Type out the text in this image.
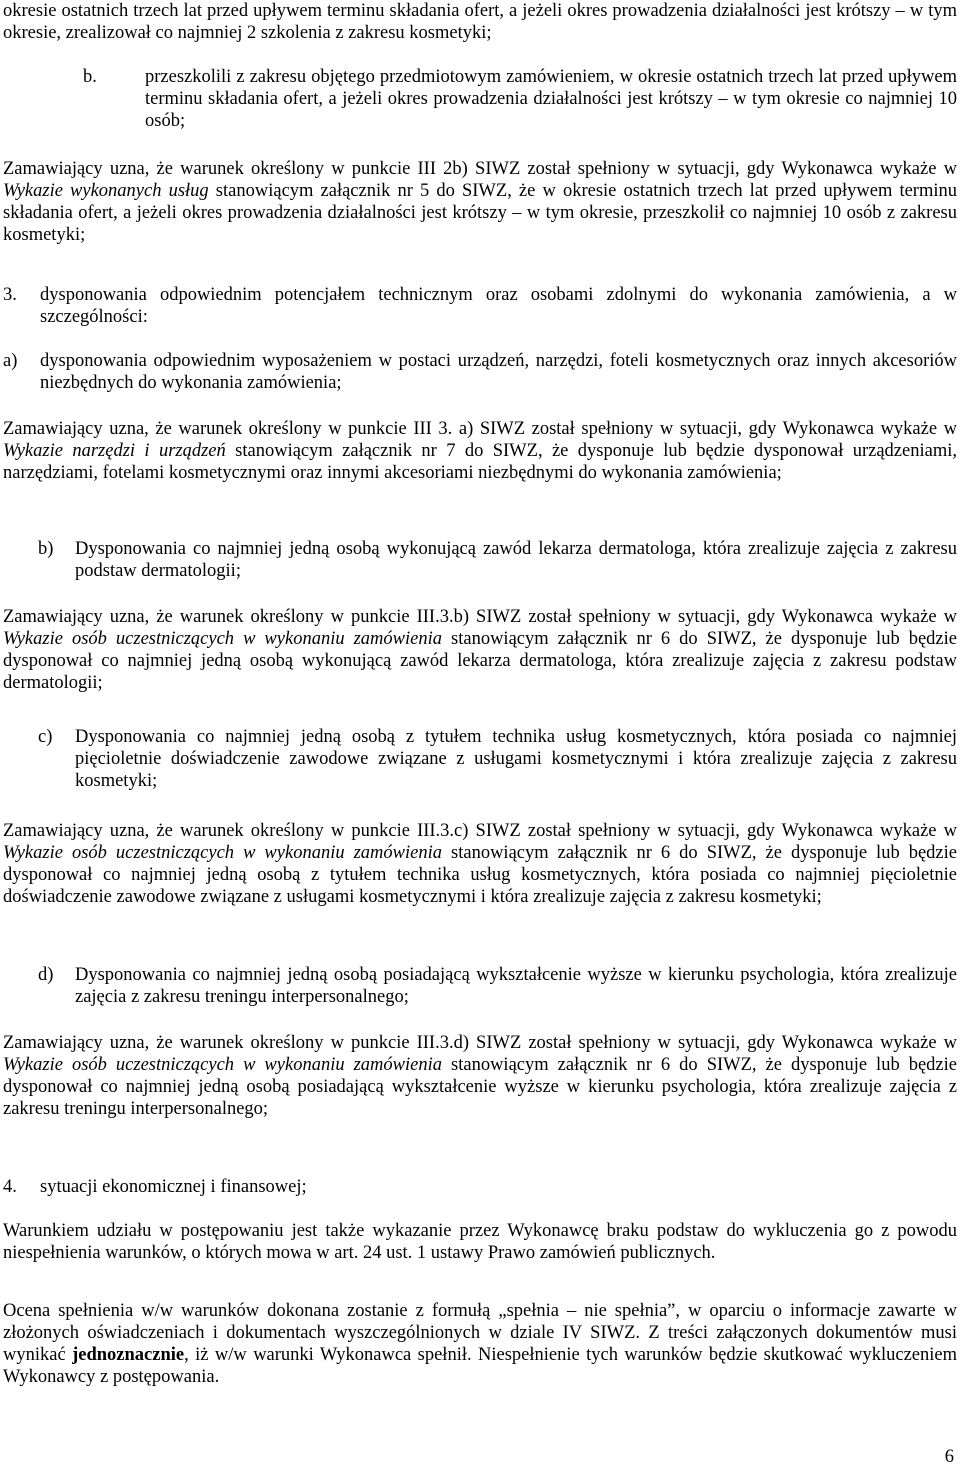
okresie ostatnich trzech lat przed upływem terminu składania ofert, a jeżeli okres prowadzenia działalności jest krótszy – w tym okresie, zrealizował co najmniej 2 szkolenia z zakresu kosmetyki;

b.	przeszkolili z zakresu objętego przedmiotowym zamówieniem, w okresie ostatnich trzech lat przed upływem terminu składania ofert, a jeżeli okres prowadzenia działalności jest krótszy – w tym okresie co najmniej 10 osób;

Zamawiający uzna, że warunek określony w punkcie III 2b) SIWZ został spełniony w sytuacji, gdy Wykonawca wykaże w Wykazie wykonanych usług stanowiącym załącznik nr 5 do SIWZ, że w okresie ostatnich trzech lat przed upływem terminu składania ofert, a jeżeli okres prowadzenia działalności jest krótszy – w tym okresie, przeszkolił co najmniej 10 osób z zakresu kosmetyki;

3. dysponowania odpowiednim potencjałem technicznym oraz osobami zdolnymi do wykonania zamówienia, a w szczególności:

a) dysponowania odpowiednim wyposażeniem w postaci urządzeń, narzędzi, foteli kosmetycznych oraz innych akcesoriów niezbędnych do wykonania zamówienia;

Zamawiający uzna, że warunek określony w punkcie III 3. a) SIWZ został spełniony w sytuacji, gdy Wykonawca wykaże w Wykazie narzędzi i urządzeń stanowiącym załącznik nr 7 do SIWZ, że dysponuje lub będzie dysponował urządzeniami, narzędziami, fotelami kosmetycznymi oraz innymi akcesoriami niezbędnymi do wykonania zamówienia;

b) Dysponowania co najmniej jedną osobą wykonującą zawód lekarza dermatologa, która zrealizuje zajęcia z zakresu podstaw dermatologii;

Zamawiający uzna, że warunek określony w punkcie III.3.b) SIWZ został spełniony w sytuacji, gdy Wykonawca wykaże w Wykazie osób uczestniczących w wykonaniu zamówienia stanowiącym załącznik nr 6 do SIWZ, że dysponuje lub będzie dysponował co najmniej jedną osobą wykonującą zawód lekarza dermatologa, która zrealizuje zajęcia z zakresu podstaw dermatologii;

c) Dysponowania co najmniej jedną osobą z tytułem technika usług kosmetycznych, która posiada co najmniej pięcioletnie doświadczenie zawodowe związane z usługami kosmetycznymi i która zrealizuje zajęcia z zakresu kosmetyki;

Zamawiający uzna, że warunek określony w punkcie III.3.c) SIWZ został spełniony w sytuacji, gdy Wykonawca wykaże w Wykazie osób uczestniczących w wykonaniu zamówienia stanowiącym załącznik nr 6 do SIWZ, że dysponuje lub będzie dysponował co najmniej jedną osobą z tytułem technika usług kosmetycznych, która posiada co najmniej pięcioletnie doświadczenie zawodowe związane z usługami kosmetycznymi i która zrealizuje zajęcia z zakresu kosmetyki;

d) Dysponowania co najmniej jedną osobą posiadającą wykształcenie wyższe w kierunku psychologia, która zrealizuje zajęcia z zakresu treningu interpersonalnego;

Zamawiający uzna, że warunek określony w punkcie III.3.d) SIWZ został spełniony w sytuacji, gdy Wykonawca wykaże w Wykazie osób uczestniczących w wykonaniu zamówienia stanowiącym załącznik nr 6 do SIWZ, że dysponuje lub będzie dysponował co najmniej jedną osobą posiadającą wykształcenie wyższe w kierunku psychologia, która zrealizuje zajęcia z zakresu treningu interpersonalnego;

4. sytuacji ekonomicznej i finansowej;

Warunkiem udziału w postępowaniu jest także wykazanie przez Wykonawcę braku podstaw do wykluczenia go z powodu niespełnienia warunków, o których mowa w art. 24 ust. 1 ustawy Prawo zamówień publicznych.

Ocena spełnienia w/w warunków dokonana zostanie z formułą „spełnia – nie spełnia”, w oparciu o informacje zawarte w złożonych oświadczeniach i dokumentach wyszczególnionych w dziale IV SIWZ. Z treści załączonych dokumentów musi wynikać jednoznacznie, iż w/w warunki Wykonawca spełnił. Niespełnienie tych warunków będzie skutkować wykluczeniem Wykonawcy z postępowania.

6
